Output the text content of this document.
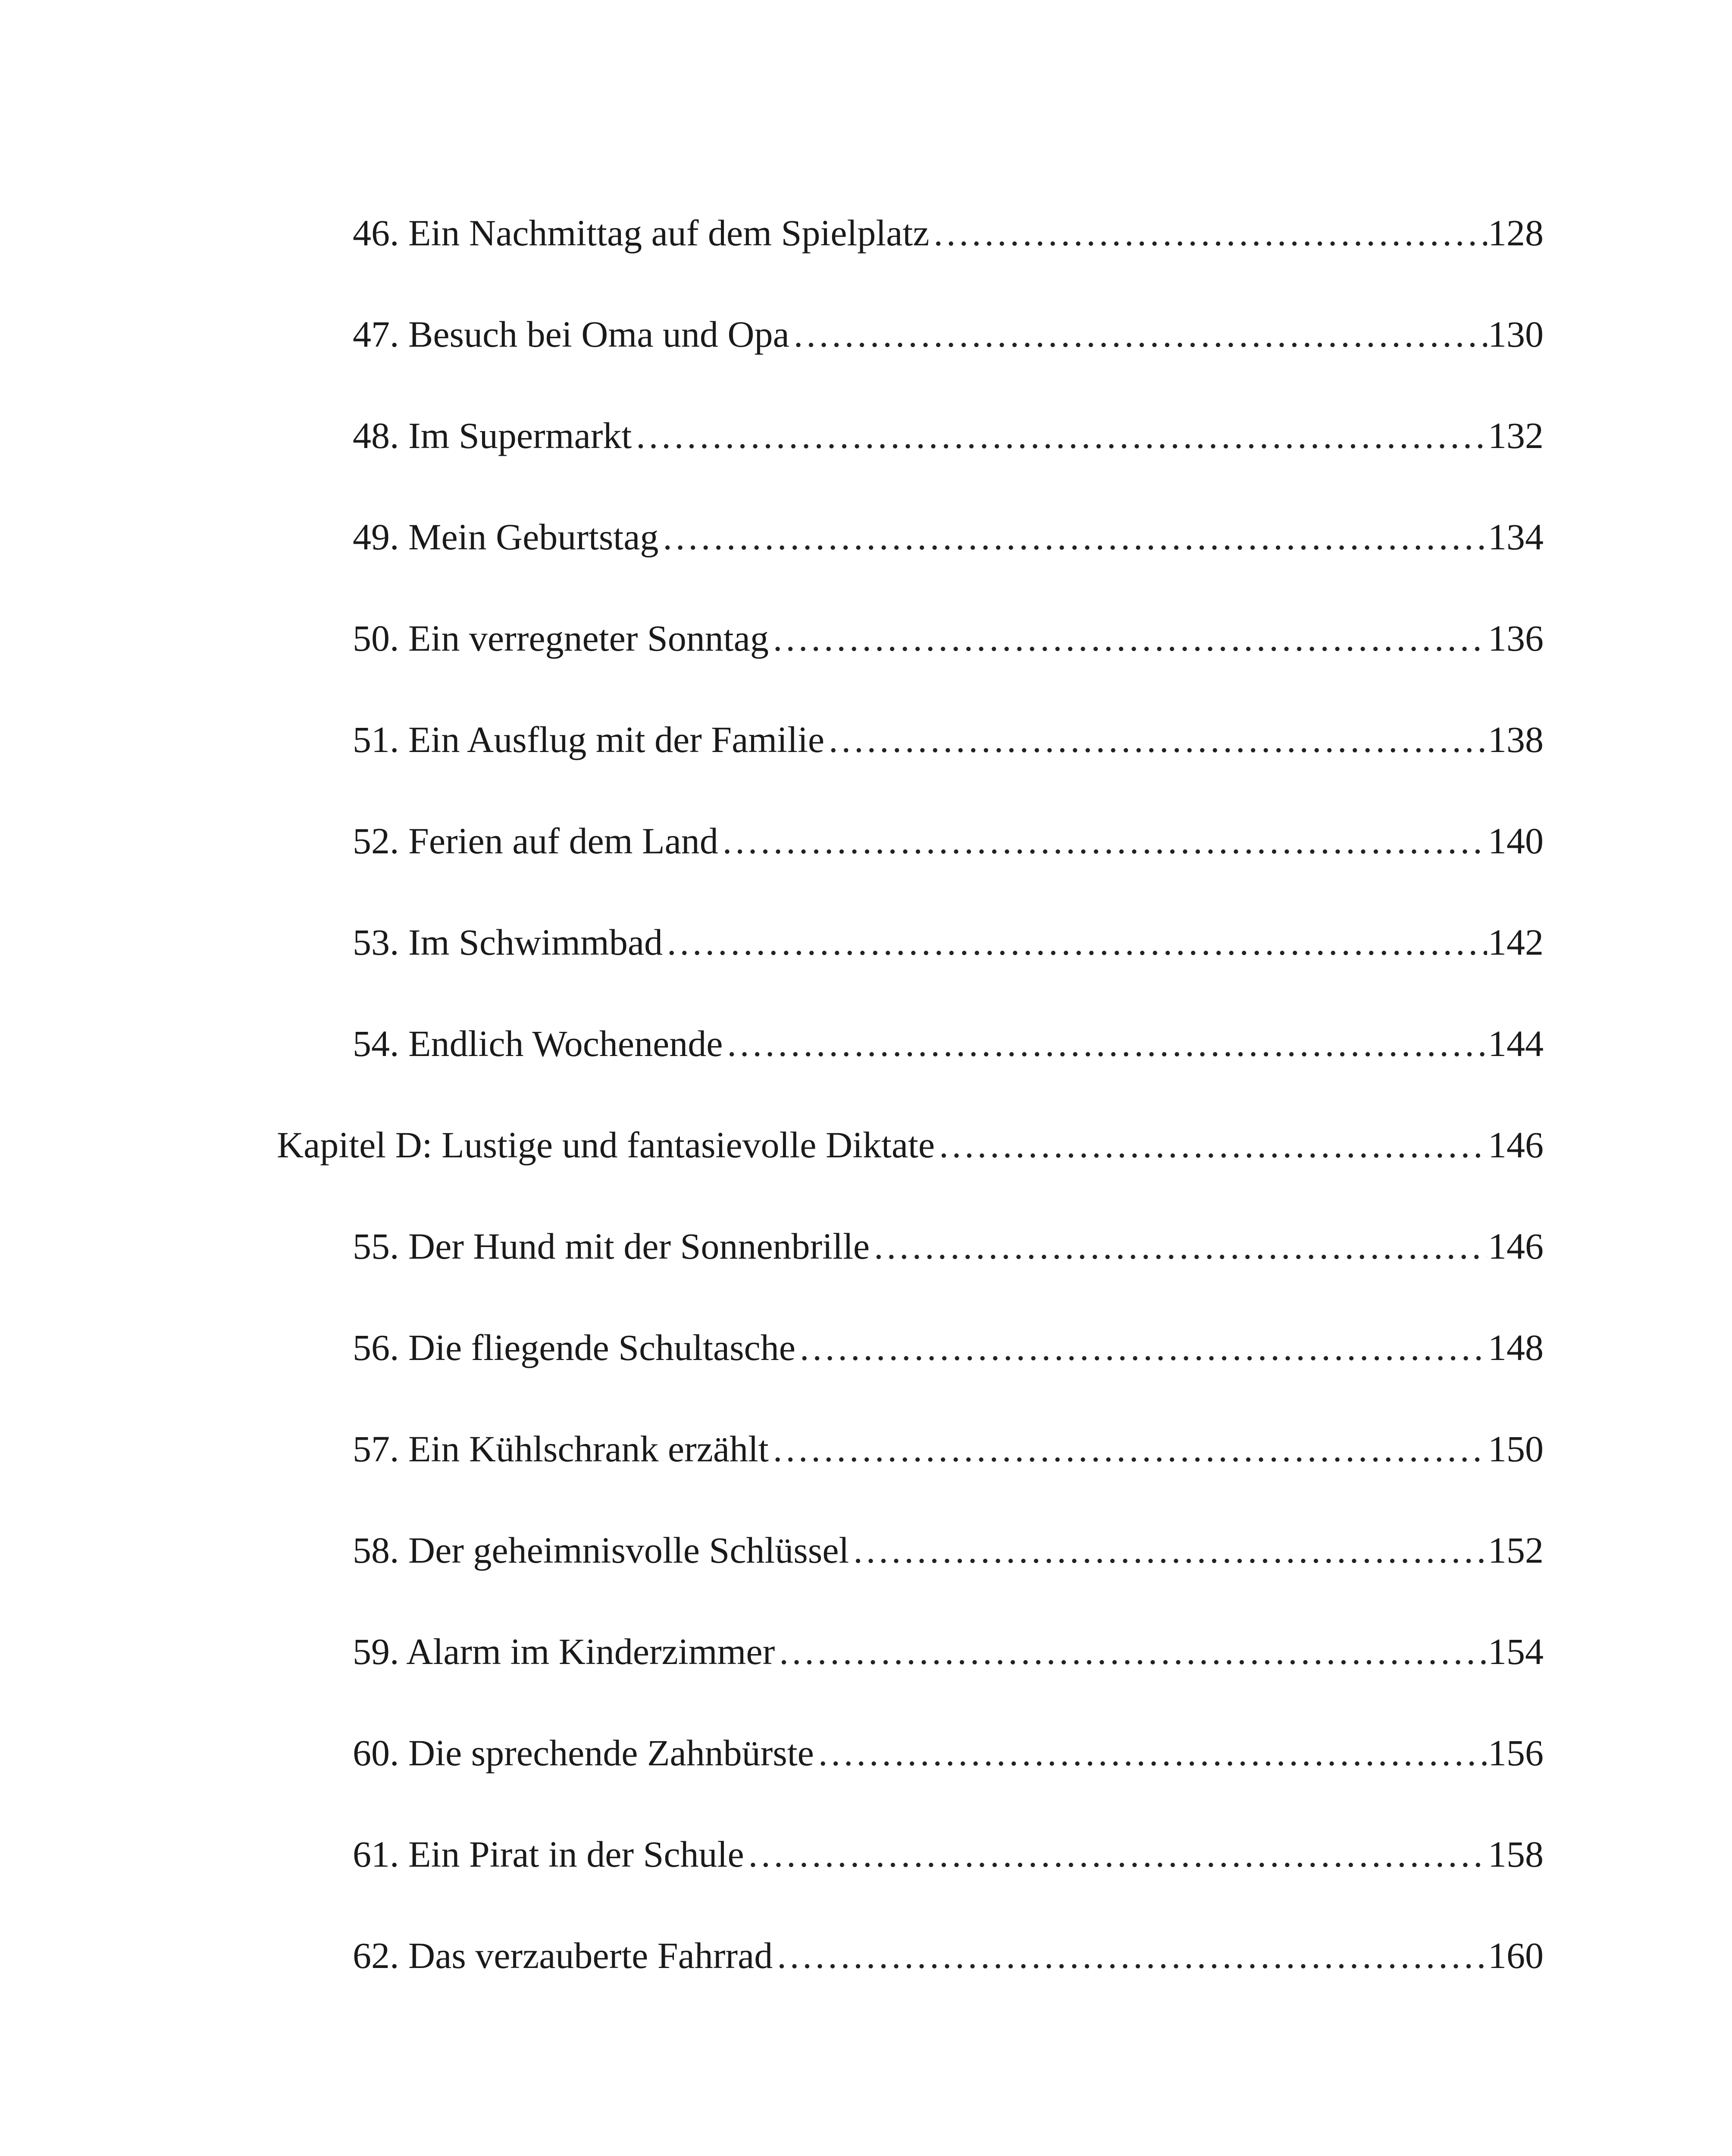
46. Ein Nachmittag auf dem Spielplatz .....	128
47. Besuch bei Oma und Opa .....	130
48. Im Supermarkt .....	132
49. Mein Geburtstag .....	134
50. Ein verregneter Sonntag .....	136
51. Ein Ausflug mit der Familie .....	138
52. Ferien auf dem Land .....	140
53. Im Schwimmbad .....	142
54. Endlich Wochenende .....	144
Kapitel D: Lustige und fantasievolle Diktate .....	146
55. Der Hund mit der Sonnenbrille .....	146
56. Die fliegende Schultasche .....	148
57. Ein Kühlschrank erzählt .....	150
58. Der geheimnisvolle Schlüssel .....	152
59. Alarm im Kinderzimmer .....	154
60. Die sprechende Zahnbürste .....	156
61. Ein Pirat in der Schule .....	158
62. Das verzauberte Fahrrad .....	160
